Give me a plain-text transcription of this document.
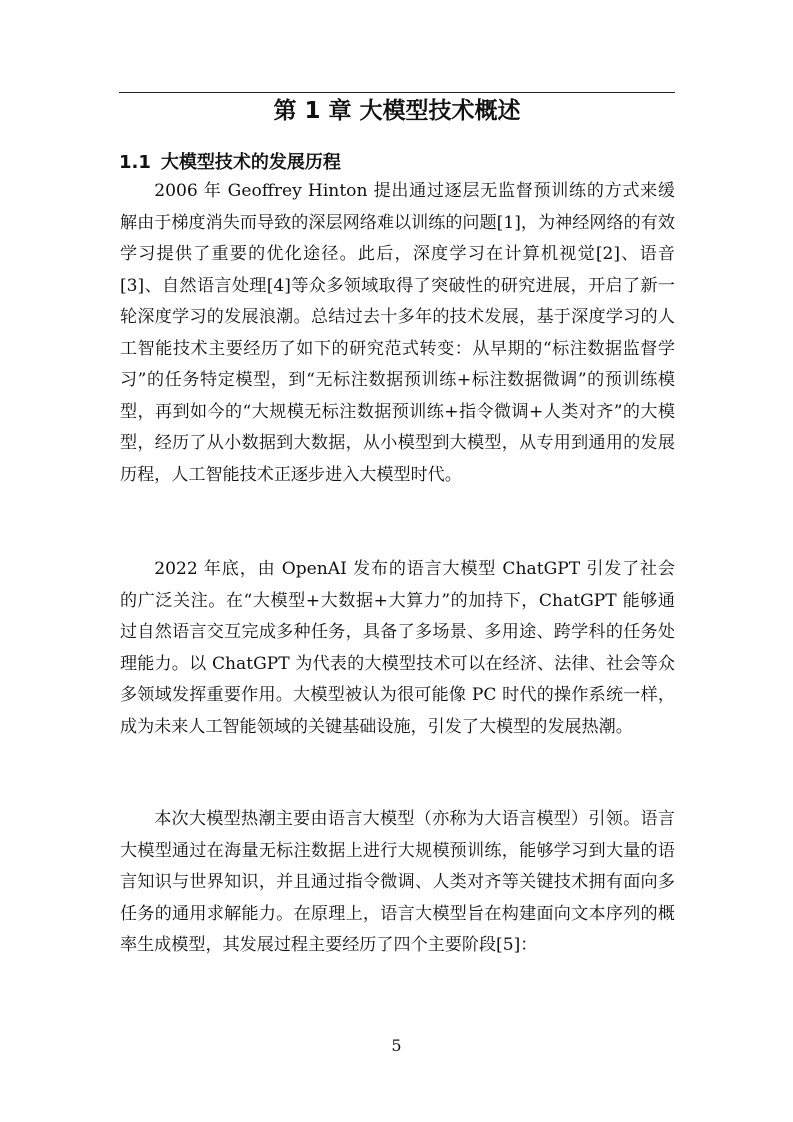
第 1 章 大模型技术概述
1.1 大模型技术的发展历程

2006 年 Geoffrey Hinton 提出通过逐层无监督预训练的方式来缓解由于梯度消失而导致的深层网络难以训练的问题[1]，为神经网络的有效学习提供了重要的优化途径。此后，深度学习在计算机视觉[2]、语音[3]、自然语言处理[4]等众多领域取得了突破性的研究进展，开启了新一轮深度学习的发展浪潮。总结过去十多年的技术发展，基于深度学习的人工智能技术主要经历了如下的研究范式转变：从早期的“标注数据监督学习”的任务特定模型，到“无标注数据预训练+标注数据微调”的预训练模型，再到如今的“大规模无标注数据预训练+指令微调+人类对齐”的大模型，经历了从小数据到大数据，从小模型到大模型，从专用到通用的发展历程，人工智能技术正逐步进入大模型时代。

2022 年底，由 OpenAI 发布的语言大模型 ChatGPT 引发了社会的广泛关注。在“大模型+大数据+大算力”的加持下，ChatGPT 能够通过自然语言交互完成多种任务，具备了多场景、多用途、跨学科的任务处理能力。以 ChatGPT 为代表的大模型技术可以在经济、法律、社会等众多领域发挥重要作用。大模型被认为很可能像 PC 时代的操作系统一样，成为未来人工智能领域的关键基础设施，引发了大模型的发展热潮。

本次大模型热潮主要由语言大模型（亦称为大语言模型）引领。语言大模型通过在海量无标注数据上进行大规模预训练，能够学习到大量的语言知识与世界知识，并且通过指令微调、人类对齐等关键技术拥有面向多任务的通用求解能力。在原理上，语言大模型旨在构建面向文本序列的概率生成模型，其发展过程主要经历了四个主要阶段[5]：

5
